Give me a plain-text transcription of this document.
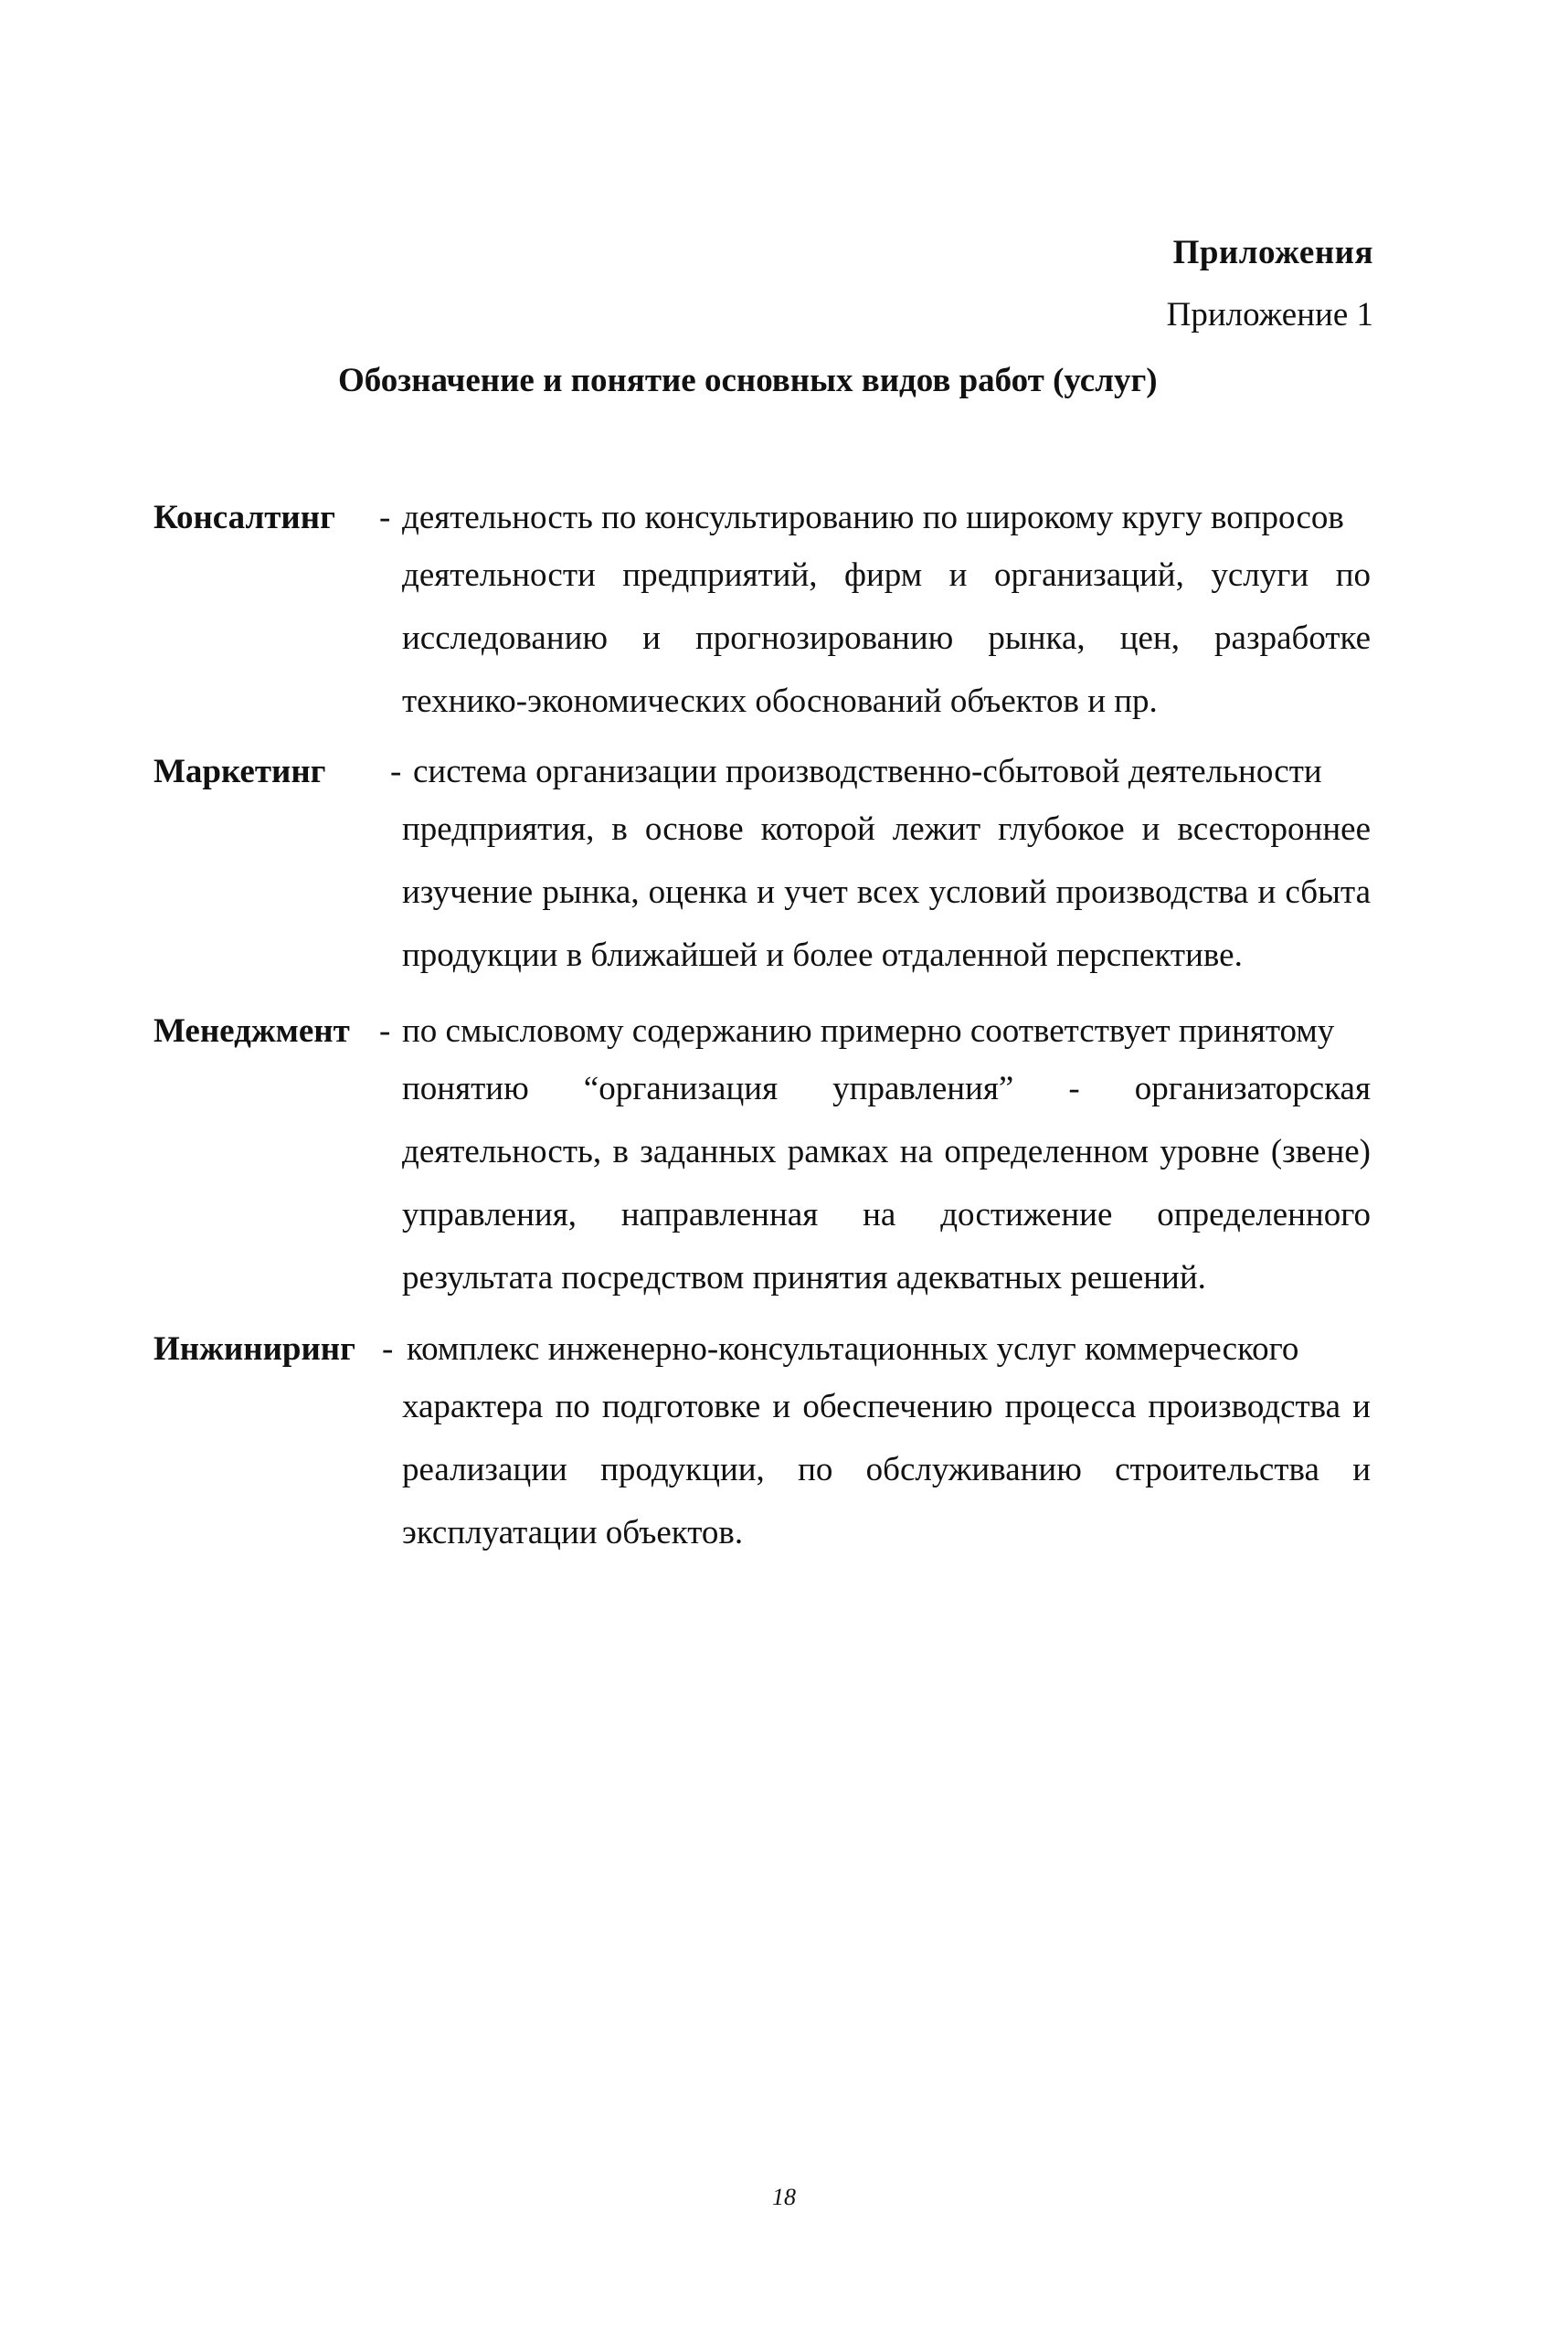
Приложения
Приложение 1
Обозначение и понятие основных видов работ (услуг)
Консалтинг - деятельность по консультированию по широкому кругу вопросов
деятельности предприятий, фирм и организаций, услуги по исследованию и прогнозированию рынка, цен, разработке технико-экономических обоснований объектов и пр.
Маркетинг - система организации производственно-сбытовой деятельности
предприятия, в основе которой лежит глубокое и всестороннее изучение рынка, оценка и учет всех условий производства и сбыта продукции в ближайшей и более отдаленной перспективе.
Менеджмент - по смысловому содержанию примерно соответствует принятому
понятию “организация управления” - организаторская деятельность, в заданных рамках на определенном уровне (звене) управления, направленная на достижение определенного результата посредством принятия адекватных решений.
Инжиниринг - комплекс инженерно-консультационных услуг коммерческого
характера по подготовке и обеспечению процесса производства и реализации продукции, по обслуживанию строительства и эксплуатации объектов.
18
